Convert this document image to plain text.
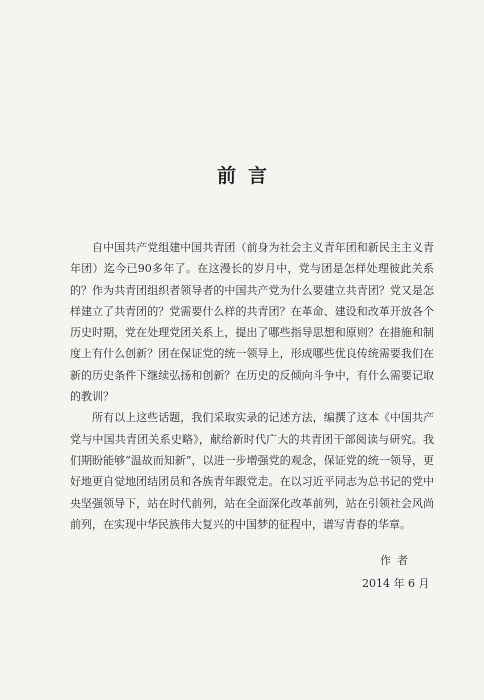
前言

自中国共产党组建中国共青团（前身为社会主义青年团和新民主主义青年团）迄今已90多年了。在这漫长的岁月中，党与团是怎样处理彼此关系的？作为共青团组织者领导者的中国共产党为什么要建立共青团？党又是怎样建立了共青团的？党需要什么样的共青团？在革命、建设和改革开放各个历史时期，党在处理党团关系上，提出了哪些指导思想和原则？在措施和制度上有什么创新？团在保证党的统一领导上，形成哪些优良传统需要我们在新的历史条件下继续弘扬和创新？在历史的反倾向斗争中，有什么需要记取的教训？

所有以上这些话题，我们采取实录的记述方法，编撰了这本《中国共产党与中国共青团关系史略》，献给新时代广大的共青团干部阅读与研究。我们期盼能够“温故而知新”，以进一步增强党的观念，保证党的统一领导，更好地更自觉地团结团员和各族青年跟党走。在以习近平同志为总书记的党中央坚强领导下，站在时代前列，站在全面深化改革前列，站在引领社会风尚前列，在实现中华民族伟大复兴的中国梦的征程中，谱写青春的华章。

作者
2014 年 6 月
